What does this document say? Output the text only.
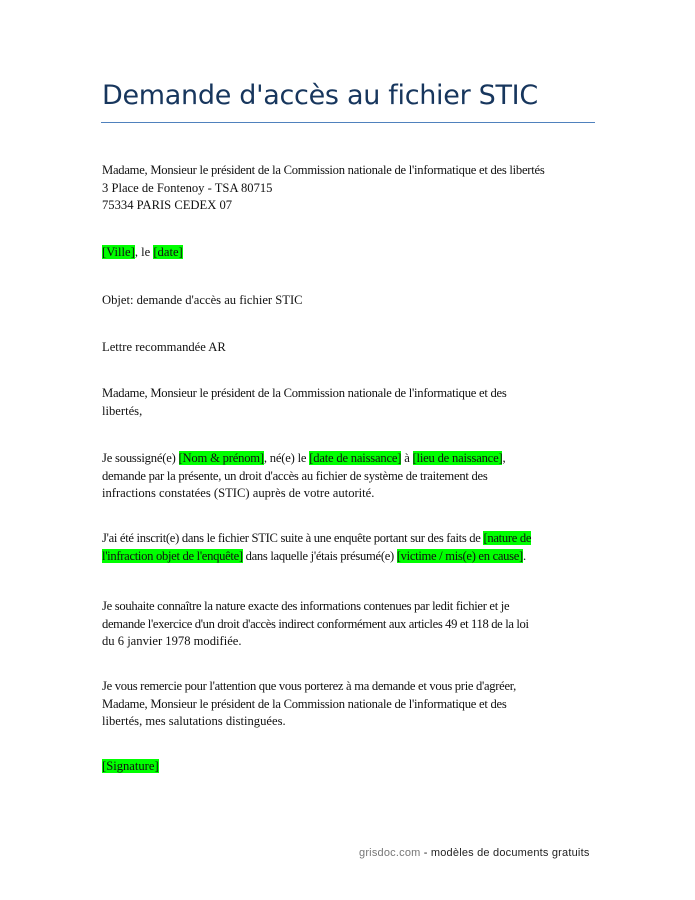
Demande d'accès au fichier STIC

Madame, Monsieur le président de la Commission nationale de l'informatique et des libertés

3 Place de Fontenoy - TSA 80715

75334 PARIS CEDEX 07

[Ville], le [date]
Objet: demande d'accès au fichier STIC
Lettre recommandée AR

Madame, Monsieur le président de la Commission nationale de l'informatique et des

libertés,

Je soussigné(e) [Nom & prénom], né(e) le [date de naissance] à [lieu de naissance],

demande par la présente, un droit d'accès au fichier de système de traitement des

infractions constatées (STIC) auprès de votre autorité.

J'ai été inscrit(e) dans le fichier STIC suite à une enquête portant sur des faits de [nature de

l'infraction objet de l'enquête] dans laquelle j'étais présumé(e) [victime / mis(e) en cause].

Je souhaite connaître la nature exacte des informations contenues par ledit fichier et je

demande l'exercice d'un droit d'accès indirect conformément aux articles 49 et 118 de la loi

du 6 janvier 1978 modifiée.

Je vous remercie pour l'attention que vous porterez à ma demande et vous prie d'agréer,

Madame, Monsieur le président de la Commission nationale de l'informatique et des

libertés, mes salutations distinguées.

[Signature]
grisdoc.com - modèles de documents gratuits
